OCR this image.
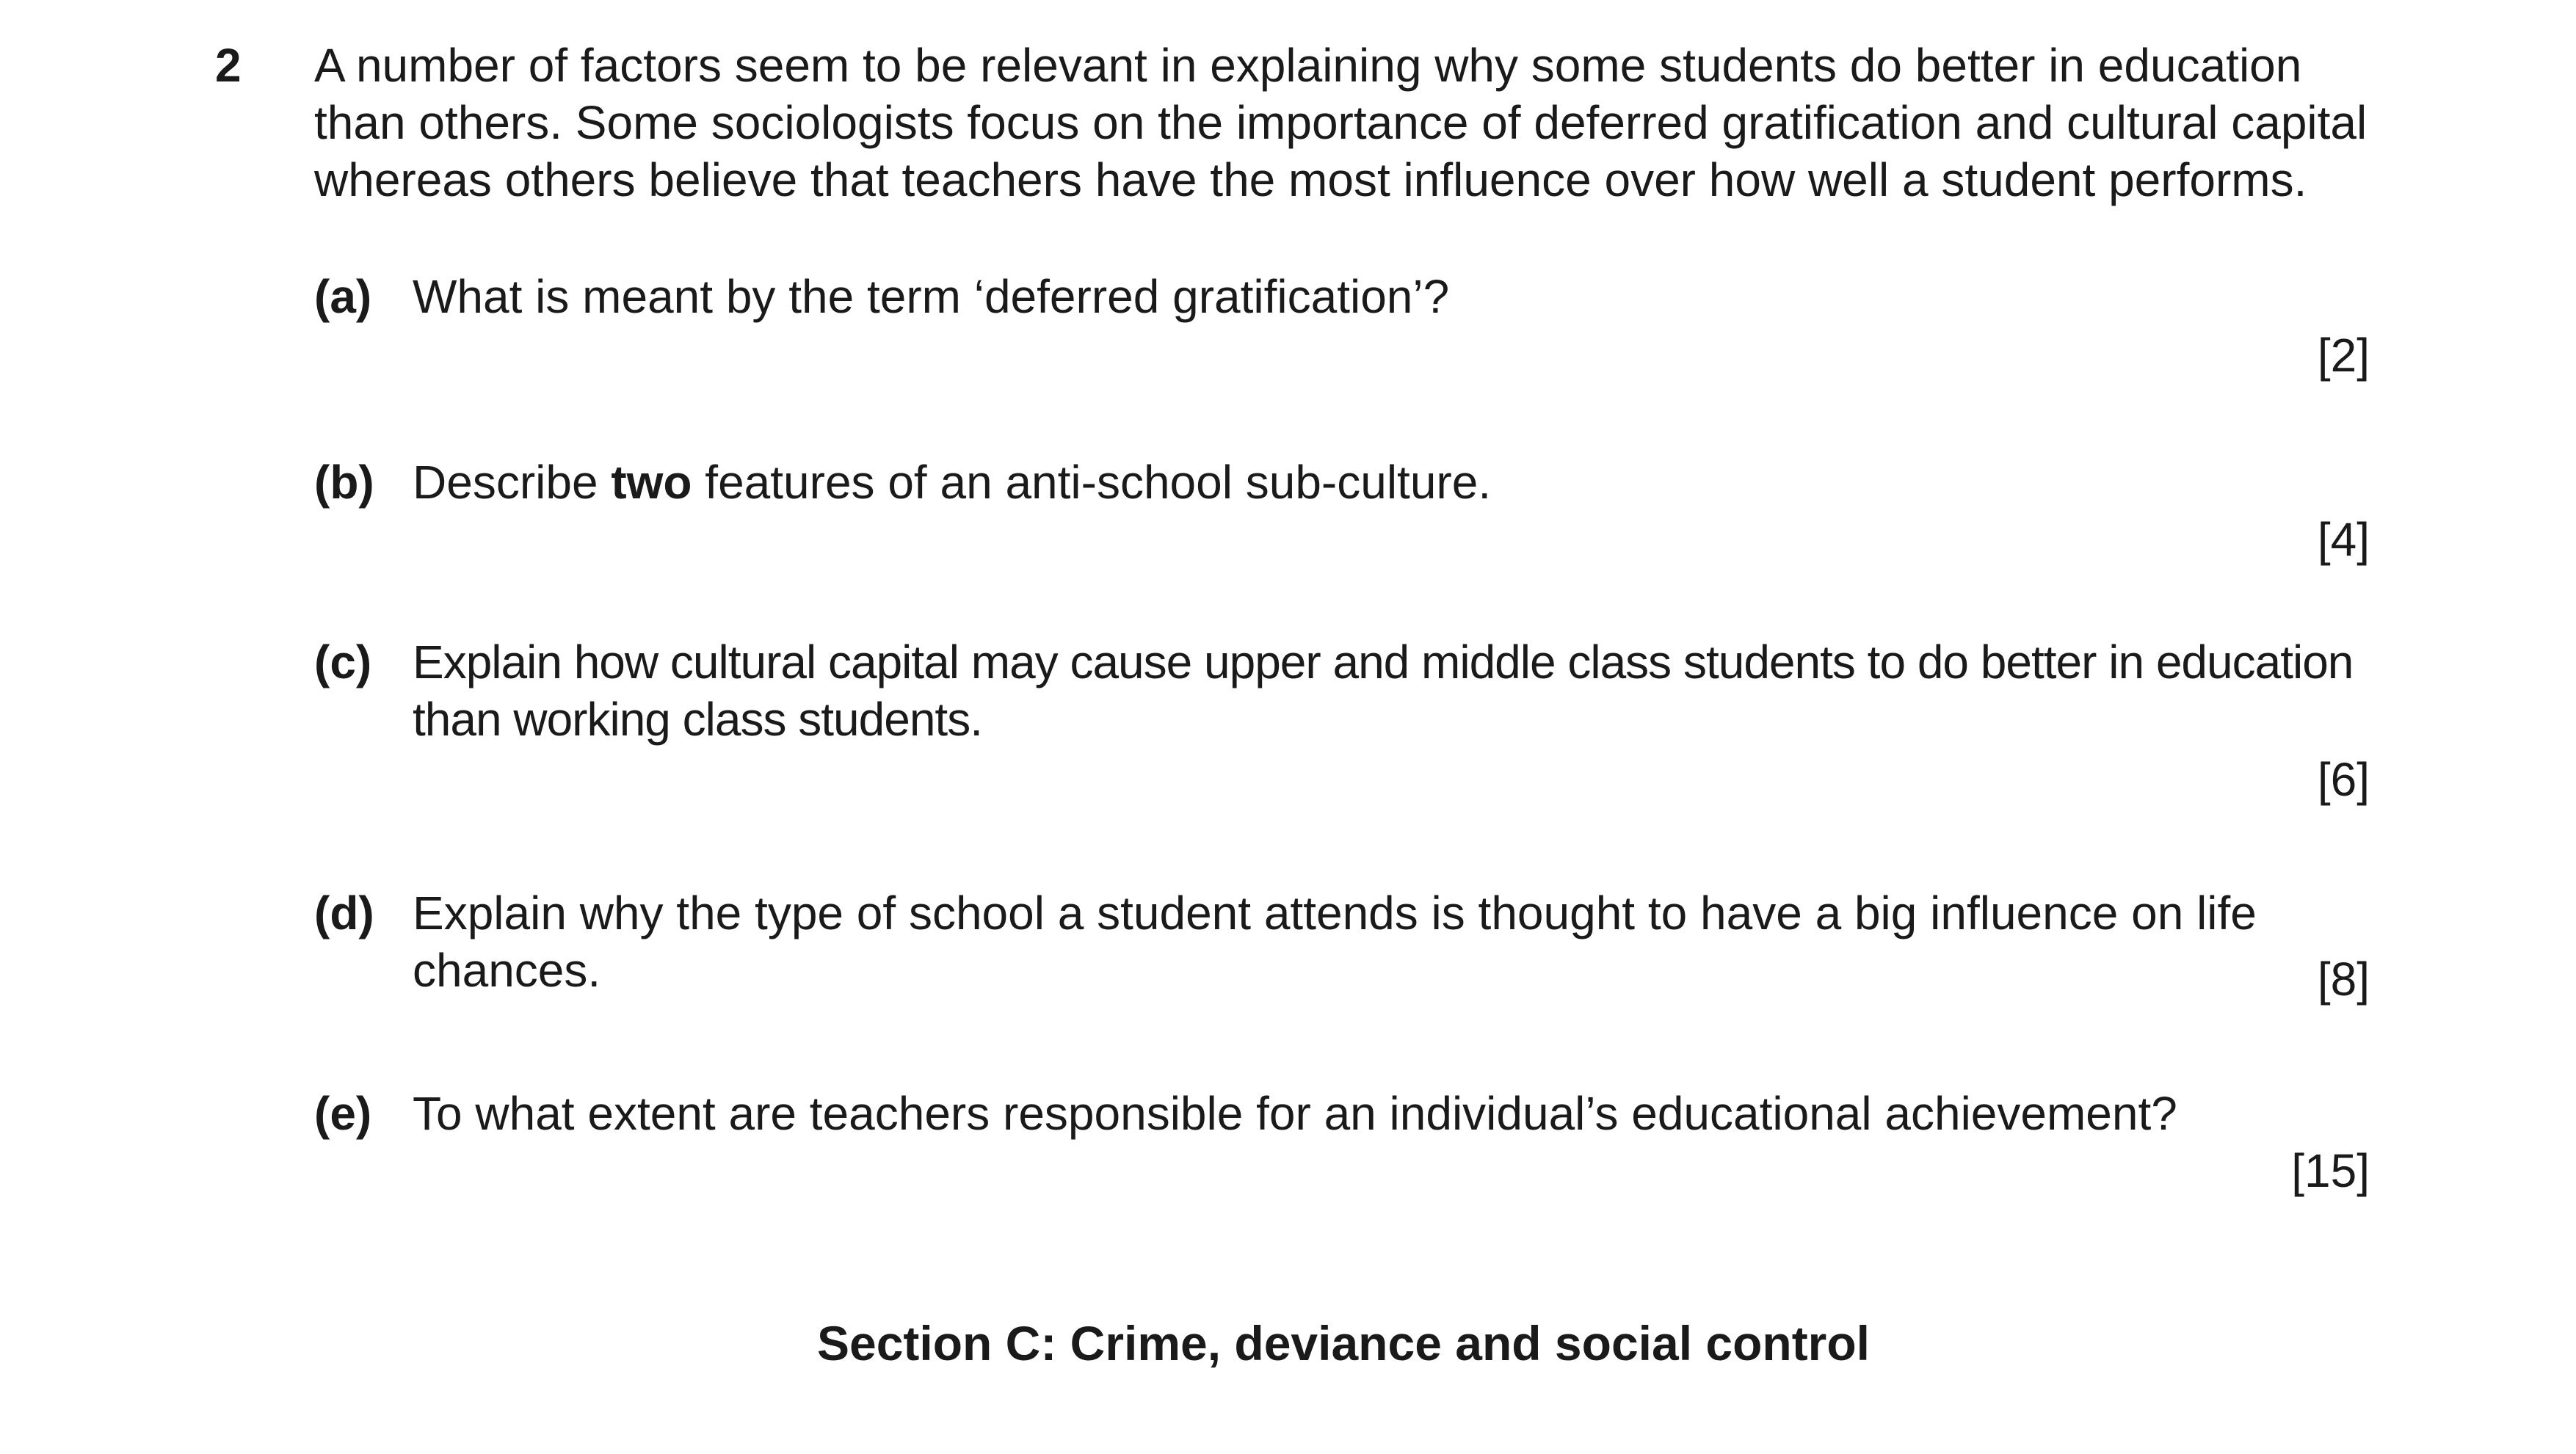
2 A number of factors seem to be relevant in explaining why some students do better in education
than others. Some sociologists focus on the importance of deferred gratification and cultural capital
whereas others believe that teachers have the most influence over how well a student performs.
(a) What is meant by the term ‘deferred gratification’?
[2]
(b) Describe two features of an anti-school sub-culture.
[4]
(c) Explain how cultural capital may cause upper and middle class students to do better in education
than working class students.
[6]
(d) Explain why the type of school a student attends is thought to have a big influence on life
chances.	[8]
(e) To what extent are teachers responsible for an individual’s educational achievement?
[15]
Section C: Crime, deviance and social control
